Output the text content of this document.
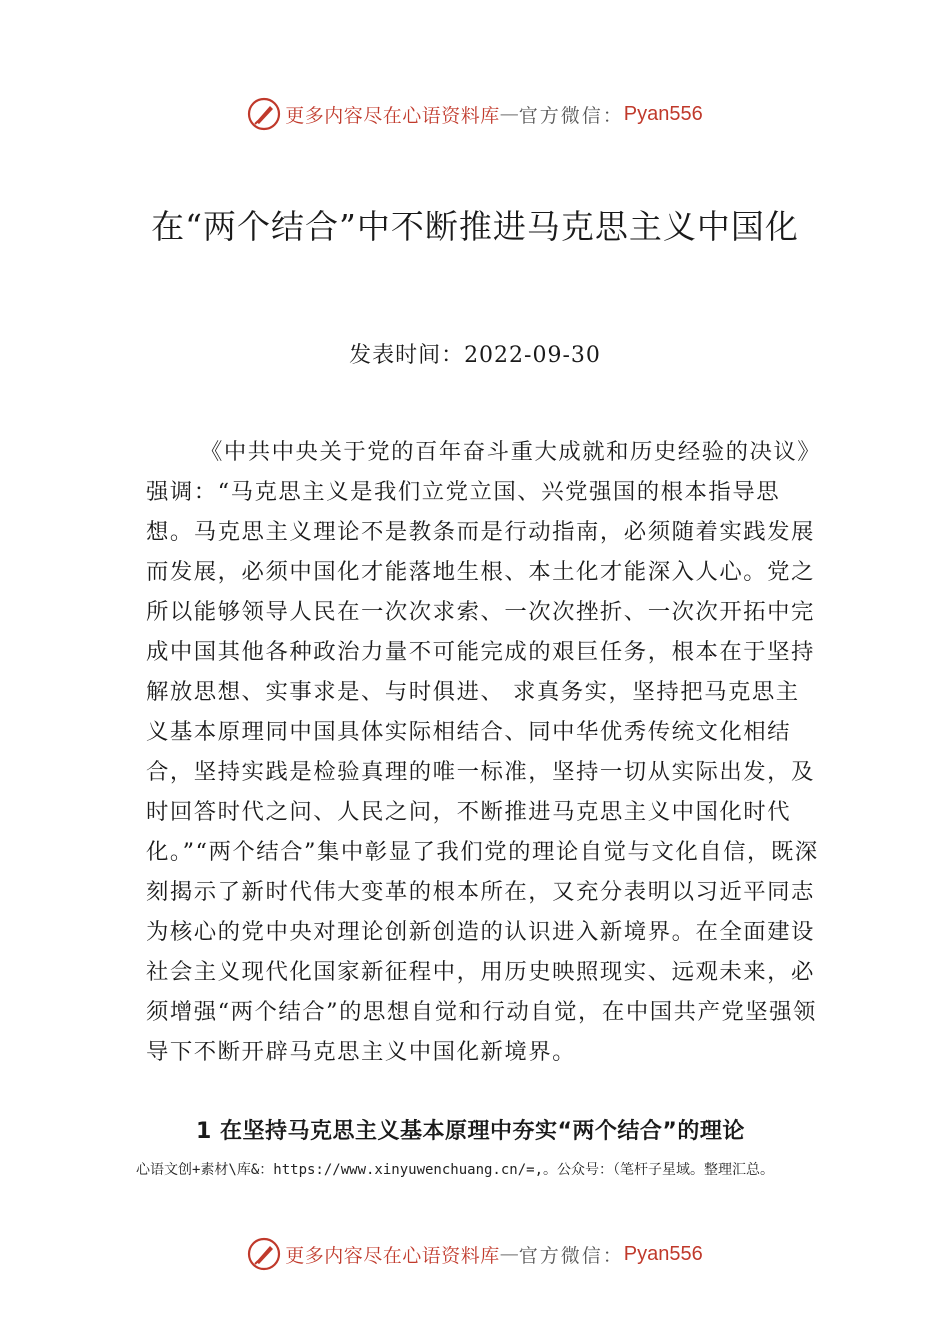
更多内容尽在心语资料库 — 官方微信： Pyan556
在“两个结合”中不断推进马克思主义中国化
发表时间：2022-09-30

《中共中央关于党的百年奋斗重大成就和历史经验的决议》强调：“马克思主义是我们立党立国、兴党强国的根本指导思想。马克思主义理论不是教条而是行动指南，必须随着实践发展而发展，必须中国化才能落地生根、本土化才能深入人心。党之所以能够领导人民在一次次求索、一次次挫折、一次次开拓中完成中国其他各种政治力量不可能完成的艰巨任务，根本在于坚持解放思想、实事求是、与时俱进、 求真务实，坚持把马克思主义基本原理同中国具体实际相结合、同中华优秀传统文化相结合，坚持实践是检验真理的唯一标准，坚持一切从实际出发，及时回答时代之问、人民之问，不断推进马克思主义中国化时代化。”“两个结合”集中彰显了我们党的理论自觉与文化自信，既深刻揭示了新时代伟大变革的根本所在，又充分表明以习近平同志为核心的党中央对理论创新创造的认识进入新境界。在全面建设社会主义现代化国家新征程中，用历史映照现实、远观未来，必须增强“两个结合”的思想自觉和行动自觉，在中国共产党坚强领导下不断开辟马克思主义中国化新境界。

1 在坚持马克思主义基本原理中夯实“两个结合”的理论

心语文创+素材\库&：https://www.xinyuwenchuang.cn/=,。公众号：（笔杆子星域。整理汇总。

更多内容尽在心语资料库 — 官方微信： Pyan556
